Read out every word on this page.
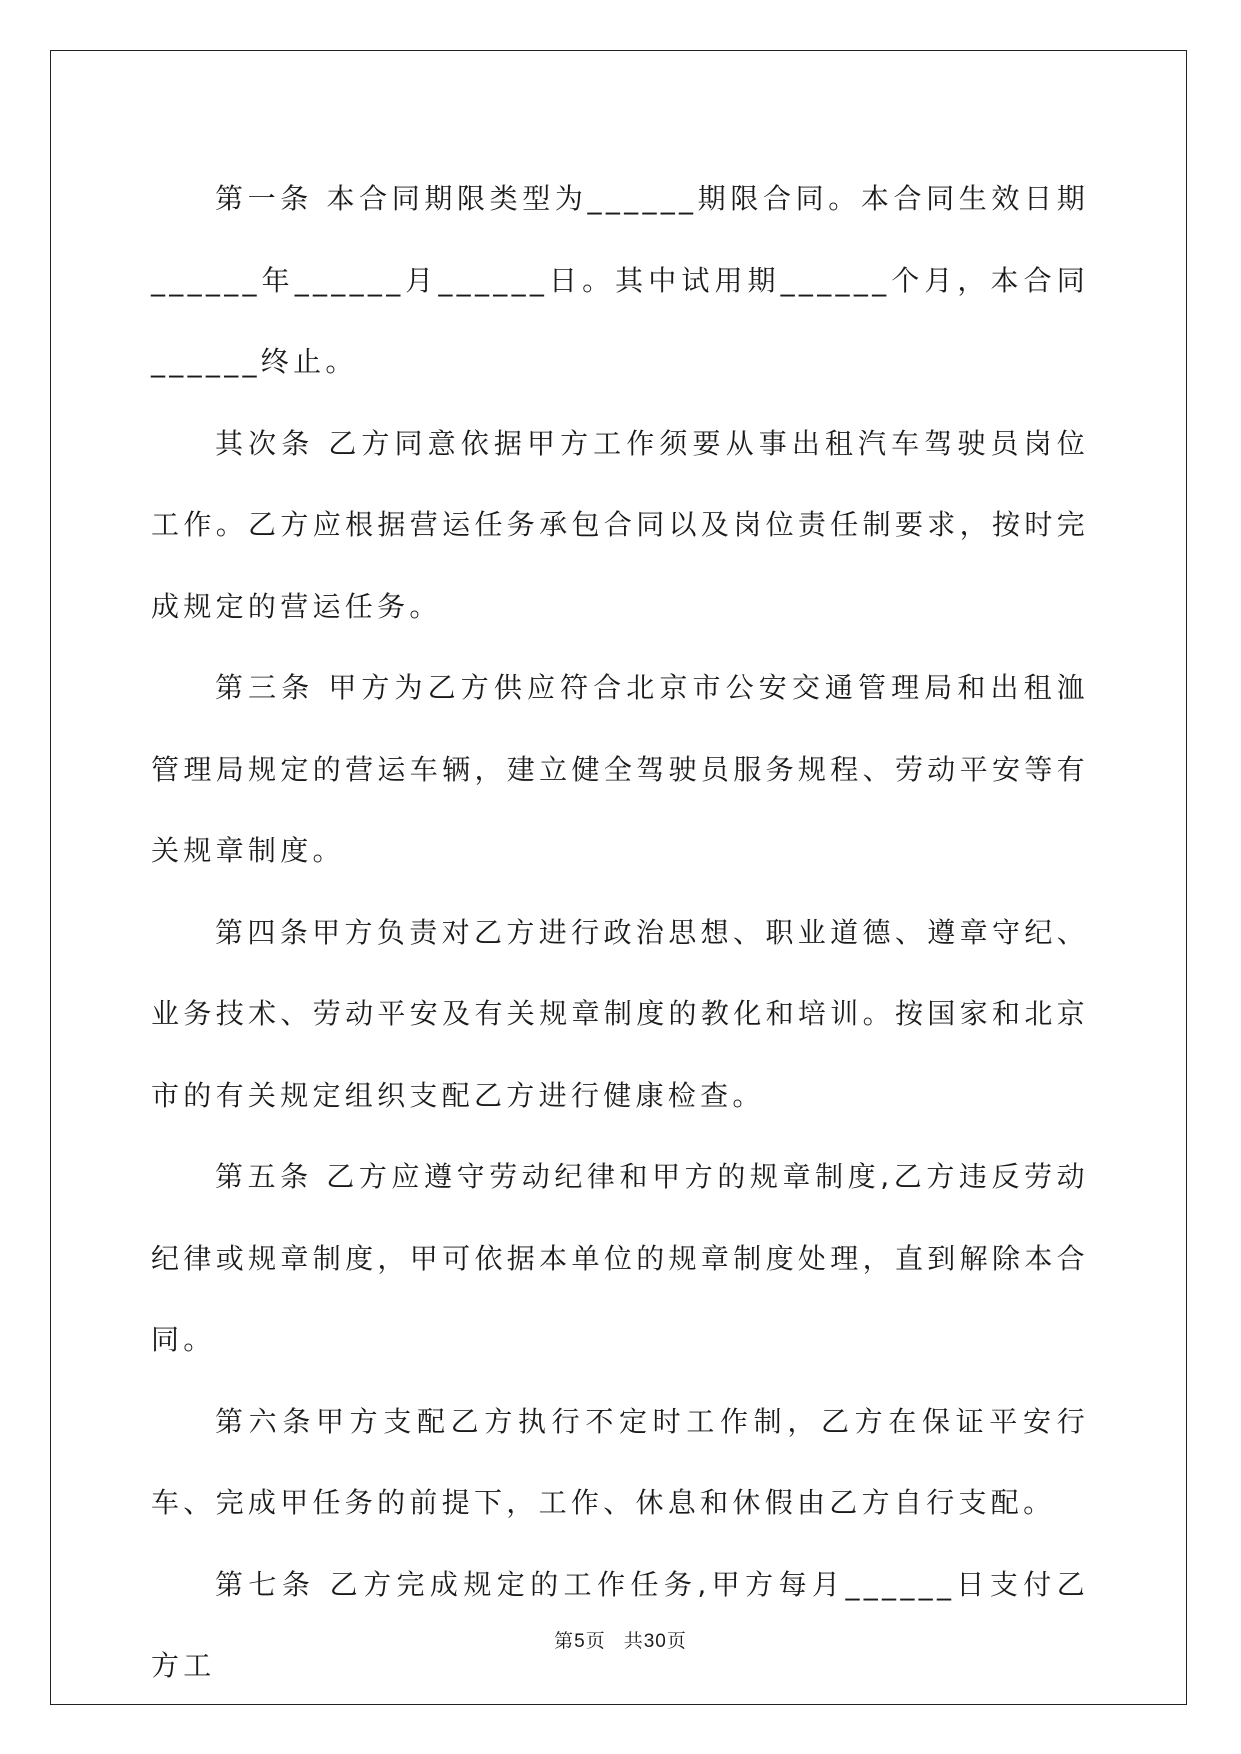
第一条 本合同期限类型为______期限合同。本合同生效日期______年______月______日。其中试用期______个月，本合同______终止。

其次条 乙方同意依据甲方工作须要从事出租汽车驾驶员岗位工作。乙方应根据营运任务承包合同以及岗位责任制要求，按时完成规定的营运任务。

第三条 甲方为乙方供应符合北京市公安交通管理局和出租洫管理局规定的营运车辆，建立健全驾驶员服务规程、劳动平安等有关规章制度。

第四条甲方负责对乙方进行政治思想、职业道德、遵章守纪、业务技术、劳动平安及有关规章制度的教化和培训。按国家和北京市的有关规定组织支配乙方进行健康检查。

第五条 乙方应遵守劳动纪律和甲方的规章制度,乙方违反劳动纪律或规章制度，甲可依据本单位的规章制度处理，直到解除本合同。

第六条甲方支配乙方执行不定时工作制，乙方在保证平安行车、完成甲任务的前提下，工作、休息和休假由乙方自行支配。

第七条 乙方完成规定的工作任务,甲方每月______日支付乙方工

第5页 共30页
